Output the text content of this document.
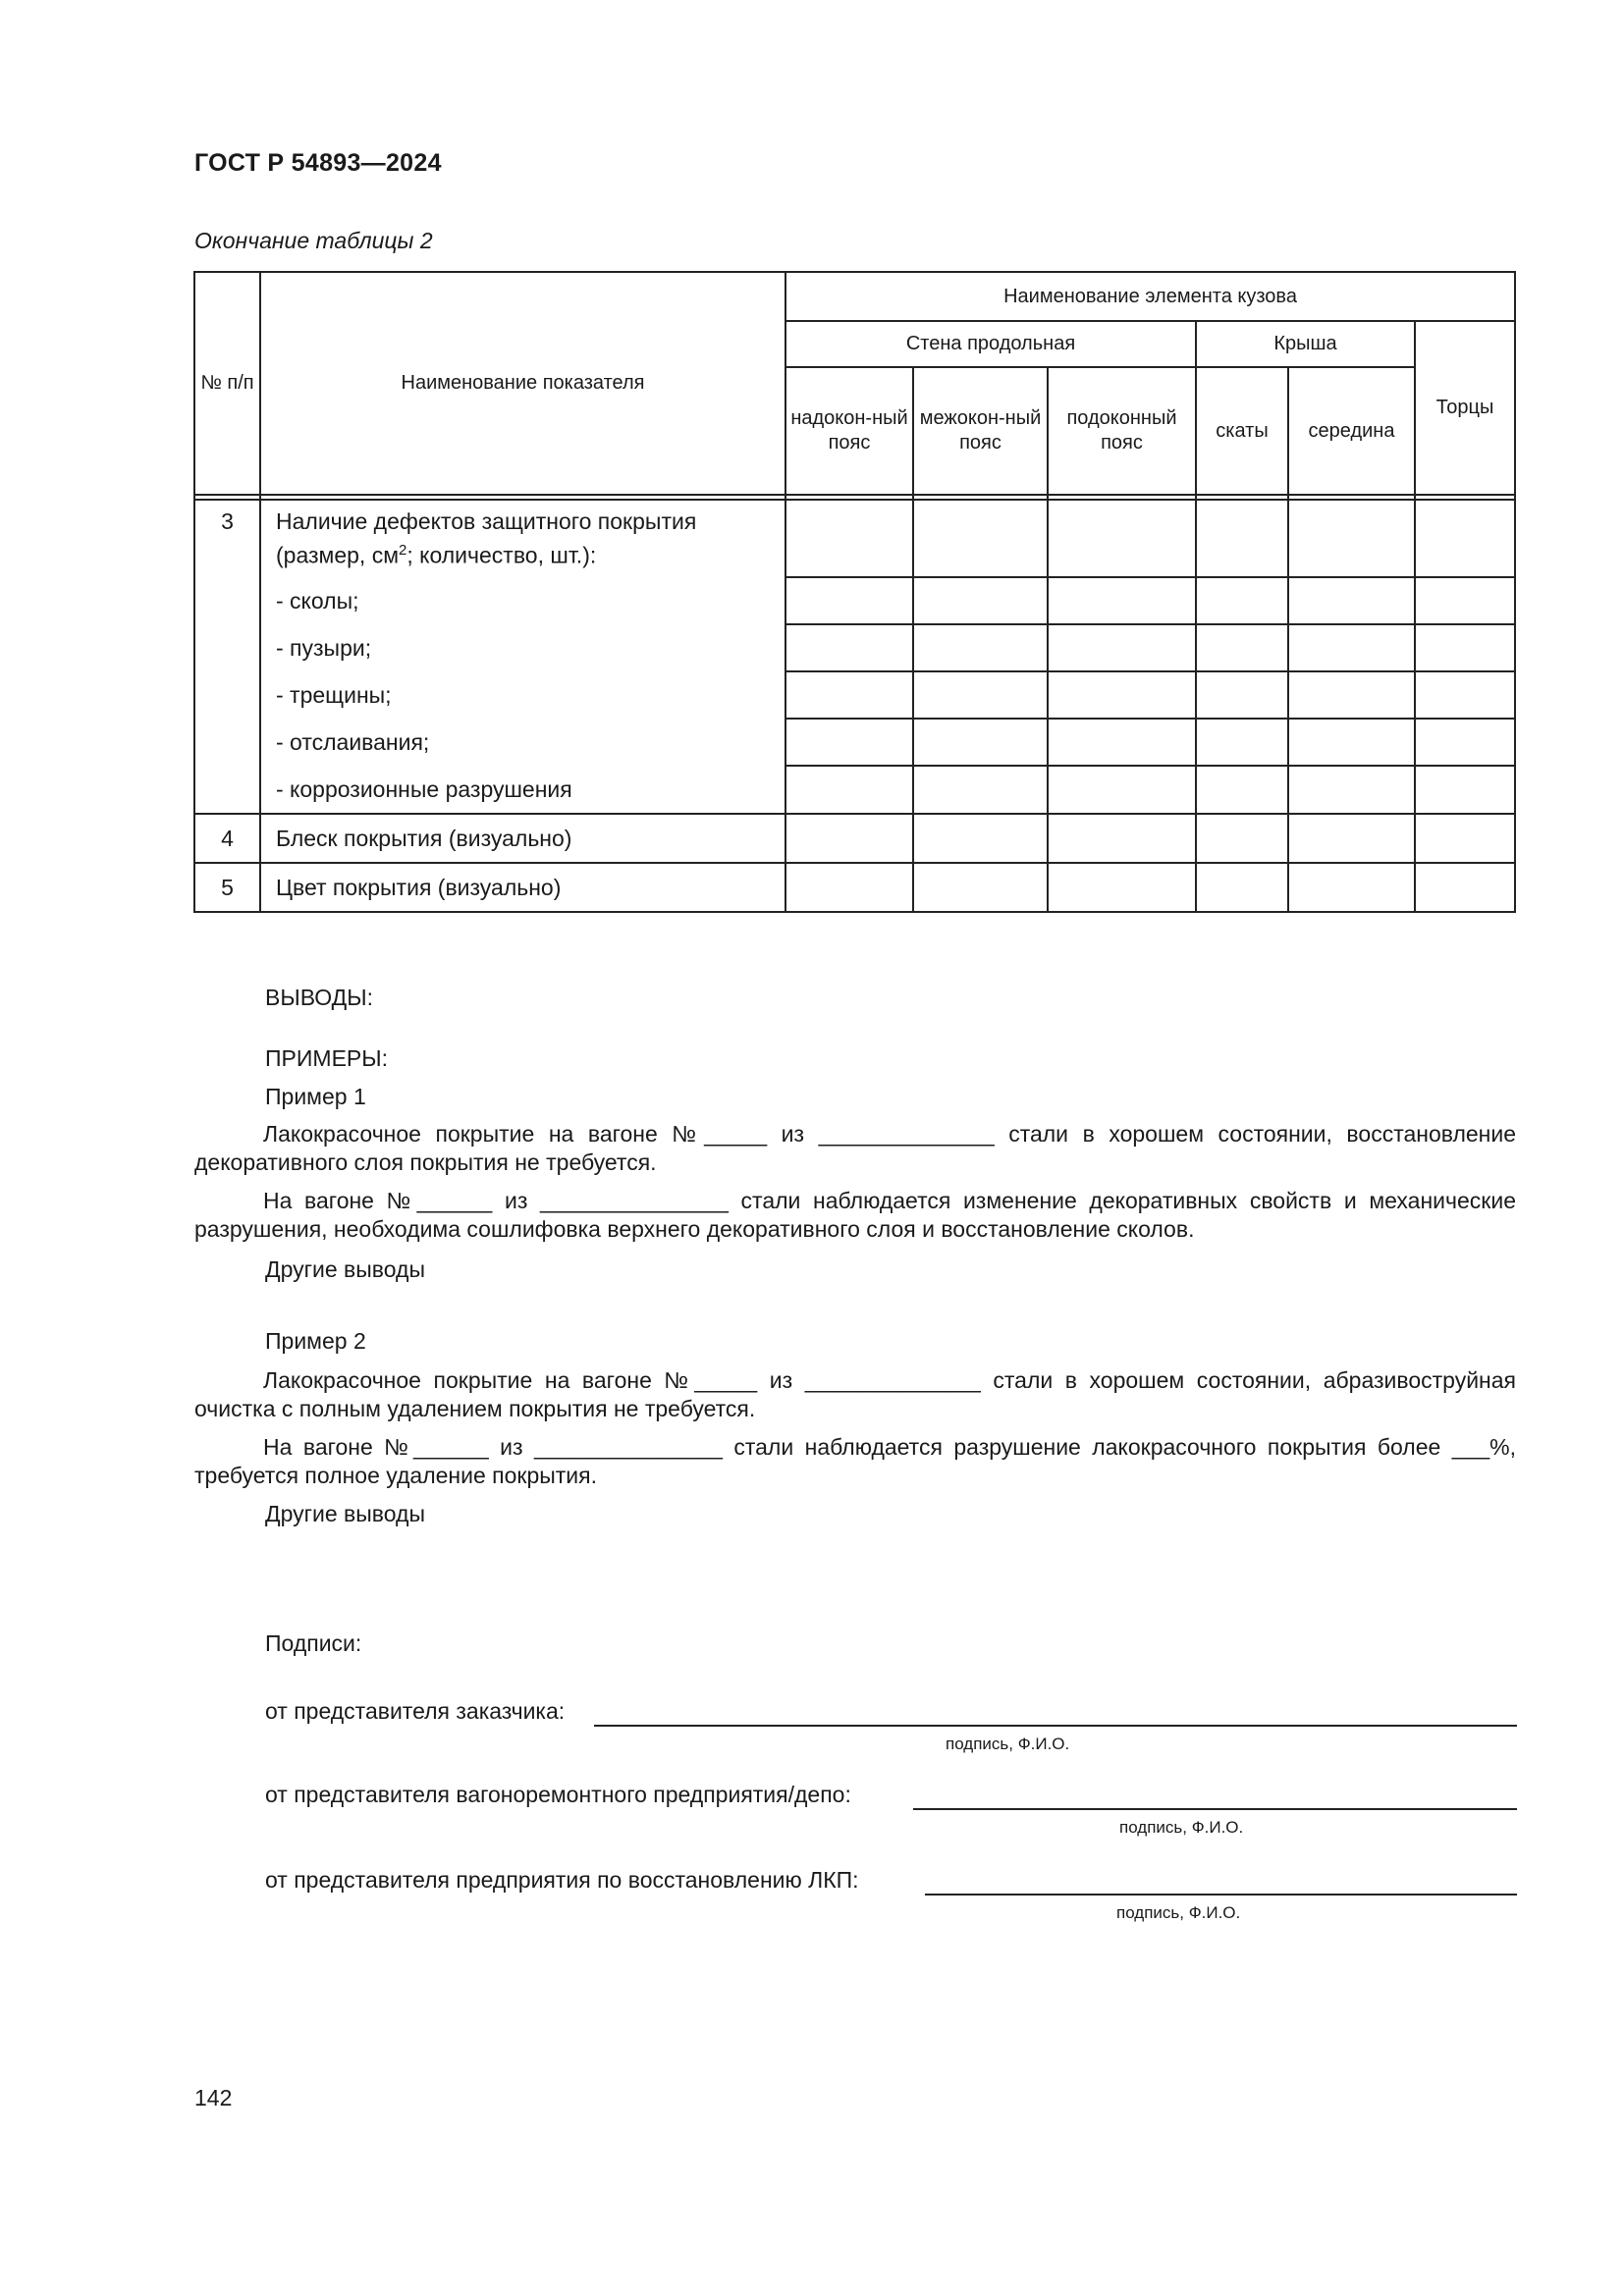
ГОСТ Р 54893—2024
Окончание таблицы 2
№ п/п	Наименование показателя	Наименование элемента кузова					
		Стена продольная			Крыша		Торцы
		надокон-ный пояс	межокон-ный пояс	подоконный пояс	скаты	середина	

3	Наличие дефектов защитного покрытия (размер, $см^2$; количество, шт.):						
	- сколы;						
	- пузыри;						
	- трещины;						
	- отслаивания;						
	- коррозионные разрушения						
4	Блеск покрытия (визуально)						
5	Цвет покрытия (визуально)						
ВЫВОДЫ:
ПРИМЕРЫ:
Пример 1
Лакокрасочное покрытие на вагоне №_____ из ______________ стали в хорошем состоянии, восстановление декоративного слоя покрытия не требуется.
На вагоне №______ из _______________ стали наблюдается изменение декоративных свойств и механические разрушения, необходима сошлифовка верхнего декоративного слоя и восстановление сколов.
Другие выводы
Пример 2
Лакокрасочное покрытие на вагоне №_____ из ______________ стали в хорошем состоянии, абразивоструйная очистка с полным удалением покрытия не требуется.
На вагоне №______ из _______________ стали наблюдается разрушение лакокрасочного покрытия более ___%, требуется полное удаление покрытия.
Другие выводы
Подписи:
от представителя заказчика:
подпись, Ф.И.О.
от представителя вагоноремонтного предприятия/депо:
подпись, Ф.И.О.
от представителя предприятия по восстановлению ЛКП:
подпись, Ф.И.О.
142
